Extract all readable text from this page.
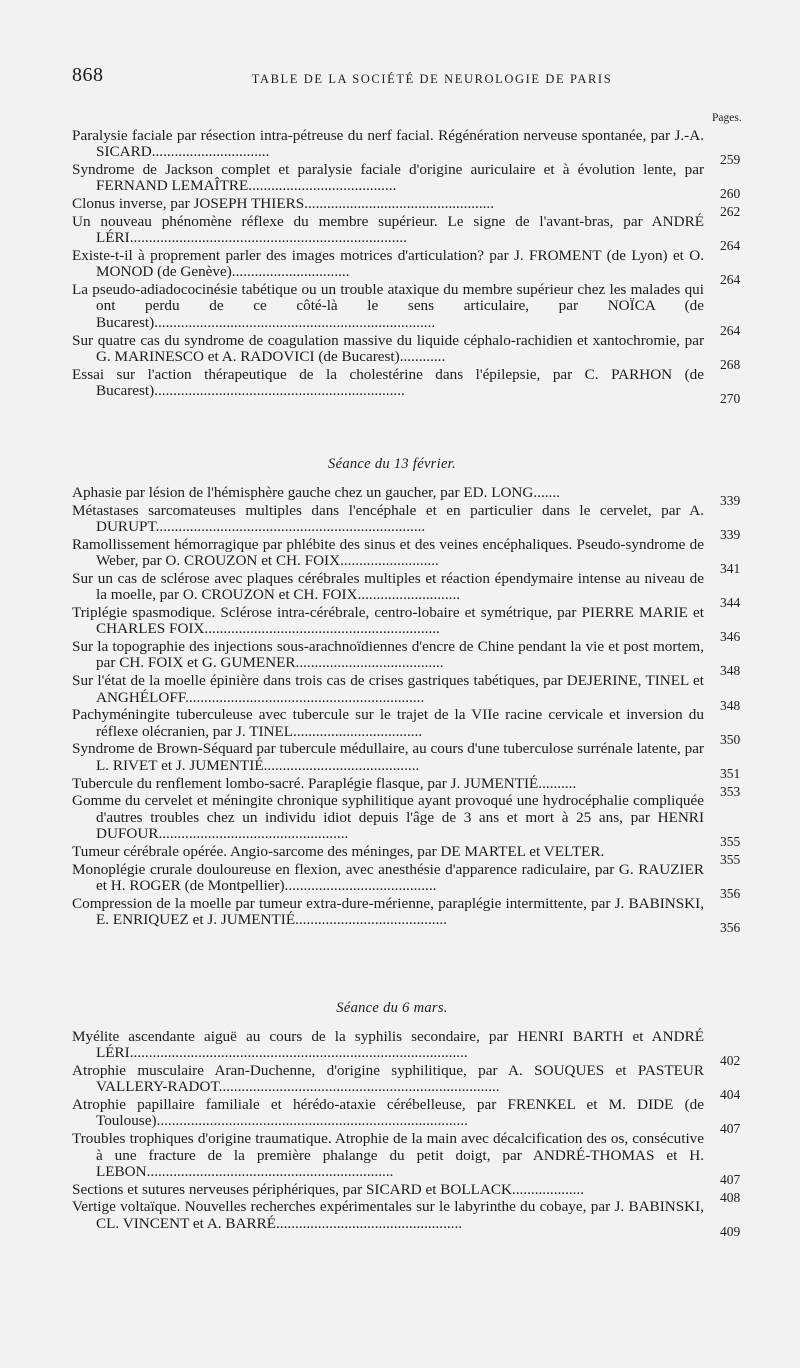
868	TABLE DE LA SOCIÉTÉ DE NEUROLOGIE DE PARIS
Pages.
Paralysie faciale par résection intra-pétreuse du nerf facial. Régénération nerveuse spontanée, par J.-A. SICARD...............................	259
Syndrome de Jackson complet et paralysie faciale d'origine auriculaire et à évolution lente, par FERNAND LEMAÎTRE.......................................	260
Clonus inverse, par JOSEPH THIERS..................................................	262
Un nouveau phénomène réflexe du membre supérieur. Le signe de l'avant-bras, par ANDRÉ LÉRI.........................................................................	264
Existe-t-il à proprement parler des images motrices d'articulation? par J. FROMENT (de Lyon) et O. MONOD (de Genève)...............................	264
La pseudo-adiadococinésie tabétique ou un trouble ataxique du membre supérieur chez les malades qui ont perdu de ce côté-là le sens articulaire, par NOÏCA (de Bucarest)..........................................................................	264
Sur quatre cas du syndrome de coagulation massive du liquide céphalo-rachidien et xantochromie, par G. MARINESCO et A. RADOVICI (de Bucarest)............	268
Essai sur l'action thérapeutique de la cholestérine dans l'épilepsie, par C. PARHON (de Bucarest)..................................................................	270
Séance du 13 février.
Aphasie par lésion de l'hémisphère gauche chez un gaucher, par ED. LONG.......	339
Métastases sarcomateuses multiples dans l'encéphale et en particulier dans le cervelet, par A. DURUPT.......................................................................	339
Ramollissement hémorragique par phlébite des sinus et des veines encéphaliques. Pseudo-syndrome de Weber, par O. CROUZON et CH. FOIX..........................	341
Sur un cas de sclérose avec plaques cérébrales multiples et réaction épendymaire intense au niveau de la moelle, par O. CROUZON et CH. FOIX...........................	344
Triplégie spasmodique. Sclérose intra-cérébrale, centro-lobaire et symétrique, par PIERRE MARIE et CHARLES FOIX..............................................................	346
Sur la topographie des injections sous-arachnoïdiennes d'encre de Chine pendant la vie et post mortem, par CH. FOIX et G. GUMENER.......................................	348
Sur l'état de la moelle épinière dans trois cas de crises gastriques tabétiques, par DEJERINE, TINEL et ANGHÉLOFF...............................................................	348
Pachyméningite tuberculeuse avec tubercule sur le trajet de la VIIe racine cervicale et inversion du réflexe olécranien, par J. TINEL..................................	350
Syndrome de Brown-Séquard par tubercule médullaire, au cours d'une tuberculose surrénale latente, par L. RIVET et J. JUMENTIÉ.........................................	351
Tubercule du renflement lombo-sacré. Paraplégie flasque, par J. JUMENTIÉ..........	353
Gomme du cervelet et méningite chronique syphilitique ayant provoqué une hydrocéphalie compliquée d'autres troubles chez un individu idiot depuis l'âge de 3 ans et mort à 25 ans, par HENRI DUFOUR..................................................	355
Tumeur cérébrale opérée. Angio-sarcome des méninges, par DE MARTEL et VELTER.	355
Monoplégie crurale douloureuse en flexion, avec anesthésie d'apparence radiculaire, par G. RAUZIER et H. ROGER (de Montpellier)........................................	356
Compression de la moelle par tumeur extra-dure-mérienne, paraplégie intermittente, par J. BABINSKI, E. ENRIQUEZ et J. JUMENTIÉ........................................	356
Séance du 6 mars.
Myélite ascendante aiguë au cours de la syphilis secondaire, par HENRI BARTH et ANDRÉ LÉRI.........................................................................................	402
Atrophie musculaire Aran-Duchenne, d'origine syphilitique, par A. SOUQUES et PASTEUR VALLERY-RADOT..........................................................................	404
Atrophie papillaire familiale et hérédo-ataxie cérébelleuse, par FRENKEL et M. DIDE (de Toulouse)..................................................................................	407
Troubles trophiques d'origine traumatique. Atrophie de la main avec décalcification des os, consécutive à une fracture de la première phalange du petit doigt, par ANDRÉ-THOMAS et H. LEBON.................................................................	407
Sections et sutures nerveuses périphériques, par SICARD et BOLLACK...................	408
Vertige voltaïque. Nouvelles recherches expérimentales sur le labyrinthe du cobaye, par J. BABINSKI, CL. VINCENT et A. BARRÉ.................................................	409
